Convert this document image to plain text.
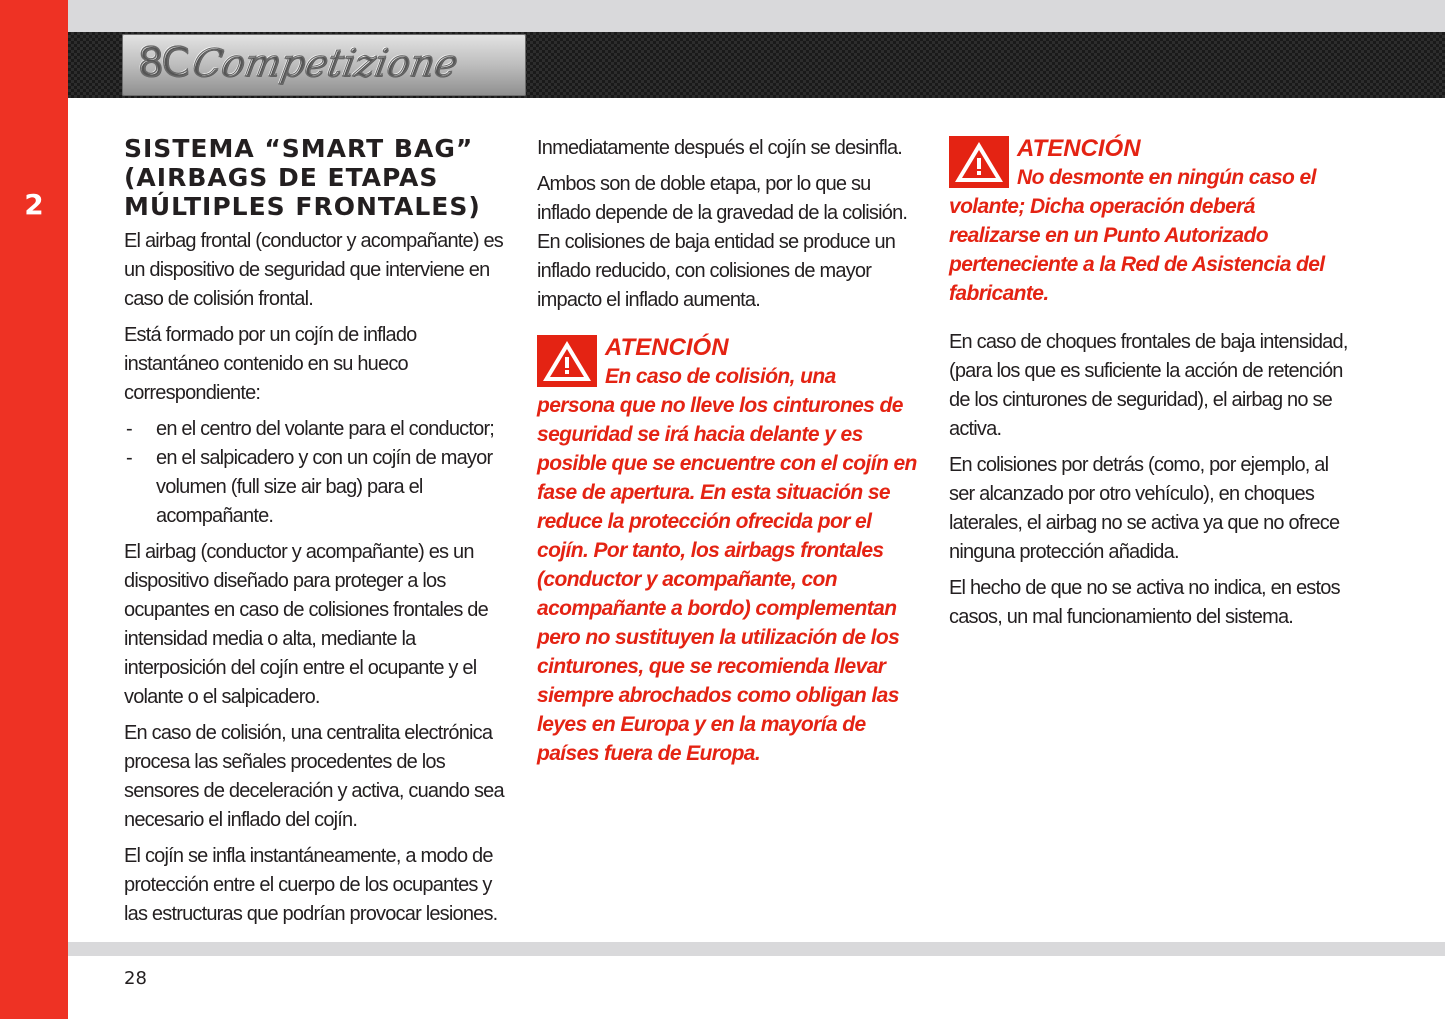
2
8CCompetizione
SISTEMA “SMART BAG” (AIRBAGS DE ETAPAS MÚLTIPLES FRONTALES)

El airbag frontal (conductor y acompañante) es un dispositivo de seguridad que interviene en caso de colisión frontal.

Está formado por un cojín de inflado instantáneo contenido en su hueco correspondiente:

- en el centro del volante para el conductor;
- en el salpicadero y con un cojín de mayor volumen (full size air bag) para el acompañante.

El airbag (conductor y acompañante) es un dispositivo diseñado para proteger a los ocupantes en caso de colisiones frontales de intensidad media o alta, mediante la interposición del cojín entre el ocupante y el volante o el salpicadero.

En caso de colisión, una centralita electrónica procesa las señales procedentes de los sensores de deceleración y activa, cuando sea necesario el inflado del cojín.

El cojín se infla instantáneamente, a modo de protección entre el cuerpo de los ocupantes y las estructuras que podrían provocar lesiones.

Inmediatamente después el cojín se desinfla.

Ambos son de doble etapa, por lo que su inflado depende de la gravedad de la colisión. En colisiones de baja entidad se produce un inflado reducido, con colisiones de mayor impacto el inflado aumenta.

ATENCIÓN
En caso de colisión, una persona que no lleve los cinturones de seguridad se irá hacia delante y es posible que se encuentre con el cojín en fase de apertura. En esta situación se reduce la protección ofrecida por el cojín. Por tanto, los airbags frontales (conductor y acompañante, con acompañante a bordo) complementan pero no sustituyen la utilización de los cinturones, que se recomienda llevar siempre abrochados como obligan las leyes en Europa y en la mayoría de países fuera de Europa.
ATENCIÓN
No desmonte en ningún caso el volante; Dicha operación deberá realizarse en un Punto Autorizado perteneciente a la Red de Asistencia del fabricante.

En caso de choques frontales de baja intensidad, (para los que es suficiente la acción de retención de los cinturones de seguridad), el airbag no se activa.

En colisiones por detrás (como, por ejemplo, al ser alcanzado por otro vehículo), en choques laterales, el airbag no se activa ya que no ofrece ninguna protección añadida.

El hecho de que no se activa no indica, en estos casos, un mal funcionamiento del sistema.

28
